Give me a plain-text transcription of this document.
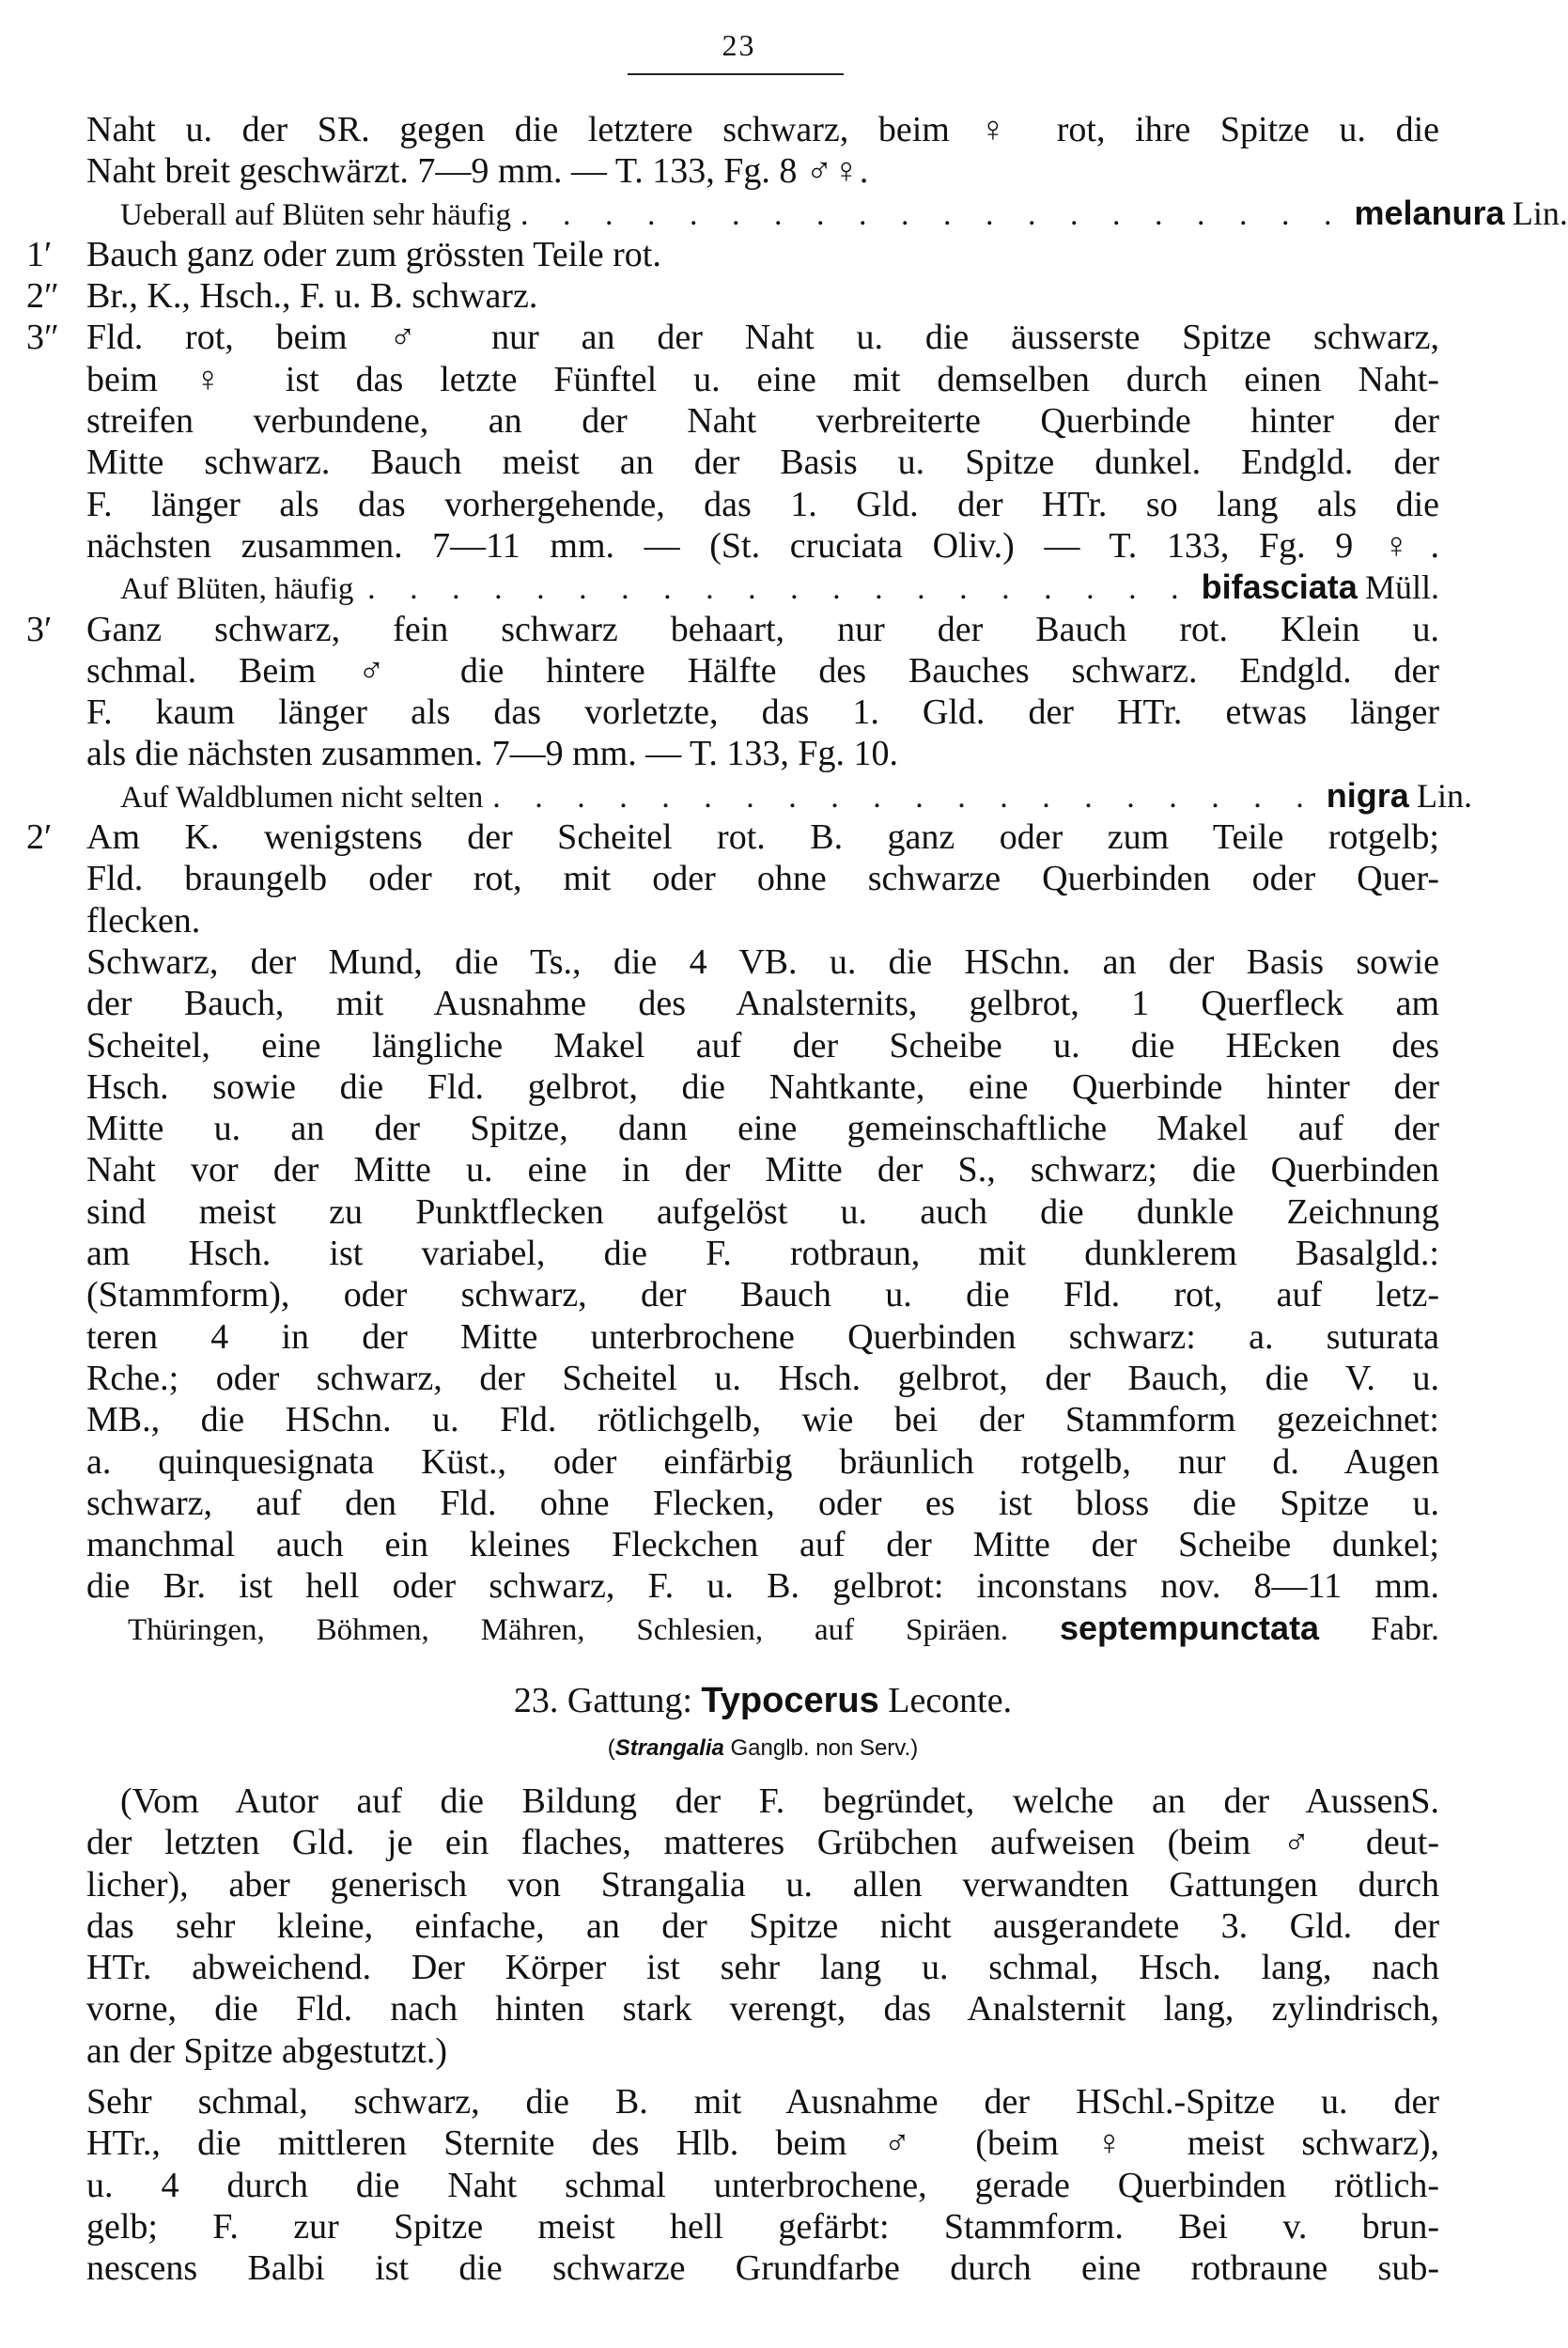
23
Naht u. der SR. gegen die letztere schwarz, beim ♀ rot, ihre Spitze u. die
Naht breit geschwärzt. 7—9 mm. — T. 133, Fg. 8 ♂♀.
Ueberall auf Blüten sehr häufig . . . . . . . . . . . . . . . . . . . . melanura Lin.
1′ Bauch ganz oder zum grössten Teile rot.
2″ Br., K., Hsch., F. u. B. schwarz.
3″ Fld. rot, beim ♂ nur an der Naht u. die äusserste Spitze schwarz,
beim ♀ ist das letzte Fünftel u. eine mit demselben durch einen Naht-
streifen verbundene, an der Naht verbreiterte Querbinde hinter der
Mitte schwarz. Bauch meist an der Basis u. Spitze dunkel. Endgld. der
F. länger als das vorhergehende, das 1. Gld. der HTr. so lang als die
nächsten zusammen. 7—11 mm. — (St. cruciata Oliv.) — T. 133, Fg. 9 ♀.
Auf Blüten, häufig . . . . . . . . . . . . . . . . . . . . bifasciata Müll.
3′ Ganz schwarz, fein schwarz behaart, nur der Bauch rot. Klein u.
schmal. Beim ♂ die hintere Hälfte des Bauches schwarz. Endgld. der
F. kaum länger als das vorletzte, das 1. Gld. der HTr. etwas länger
als die nächsten zusammen. 7—9 mm. — T. 133, Fg. 10.
Auf Waldblumen nicht selten . . . . . . . . . . . . . . . . . . . . nigra Lin.
2′ Am K. wenigstens der Scheitel rot. B. ganz oder zum Teile rotgelb;
Fld. braungelb oder rot, mit oder ohne schwarze Querbinden oder Quer-
flecken.
Schwarz, der Mund, die Ts., die 4 VB. u. die HSchn. an der Basis sowie
der Bauch, mit Ausnahme des Analsternits, gelbrot, 1 Querfleck am
Scheitel, eine längliche Makel auf der Scheibe u. die HEcken des
Hsch. sowie die Fld. gelbrot, die Nahtkante, eine Querbinde hinter der
Mitte u. an der Spitze, dann eine gemeinschaftliche Makel auf der
Naht vor der Mitte u. eine in der Mitte der S., schwarz; die Querbinden
sind meist zu Punktflecken aufgelöst u. auch die dunkle Zeichnung
am Hsch. ist variabel, die F. rotbraun, mit dunklerem Basalgld.:
(Stammform), oder schwarz, der Bauch u. die Fld. rot, auf letz-
teren 4 in der Mitte unterbrochene Querbinden schwarz: a. suturata
Rche.; oder schwarz, der Scheitel u. Hsch. gelbrot, der Bauch, die V. u.
MB., die HSchn. u. Fld. rötlichgelb, wie bei der Stammform gezeichnet:
a. quinquesignata Küst., oder einfärbig bräunlich rotgelb, nur d. Augen
schwarz, auf den Fld. ohne Flecken, oder es ist bloss die Spitze u.
manchmal auch ein kleines Fleckchen auf der Mitte der Scheibe dunkel;
die Br. ist hell oder schwarz, F. u. B. gelbrot: inconstans nov. 8—11 mm.
Thüringen, Böhmen, Mähren, Schlesien, auf Spiräen. septempunctata Fabr.
23. Gattung: Typocerus Leconte.
(Strangalia Ganglb. non Serv.)
(Vom Autor auf die Bildung der F. begründet, welche an der AussenS.
der letzten Gld. je ein flaches, matteres Grübchen aufweisen (beim ♂ deut-
licher), aber generisch von Strangalia u. allen verwandten Gattungen durch
das sehr kleine, einfache, an der Spitze nicht ausgerandete 3. Gld. der
HTr. abweichend. Der Körper ist sehr lang u. schmal, Hsch. lang, nach
vorne, die Fld. nach hinten stark verengt, das Analsternit lang, zylindrisch,
an der Spitze abgestutzt.)
Sehr schmal, schwarz, die B. mit Ausnahme der HSchl.-Spitze u. der
HTr., die mittleren Sternite des Hlb. beim ♂ (beim ♀ meist schwarz),
u. 4 durch die Naht schmal unterbrochene, gerade Querbinden rötlich-
gelb; F. zur Spitze meist hell gefärbt: Stammform. Bei v. brun-
nescens Balbi ist die schwarze Grundfarbe durch eine rotbraune sub-
